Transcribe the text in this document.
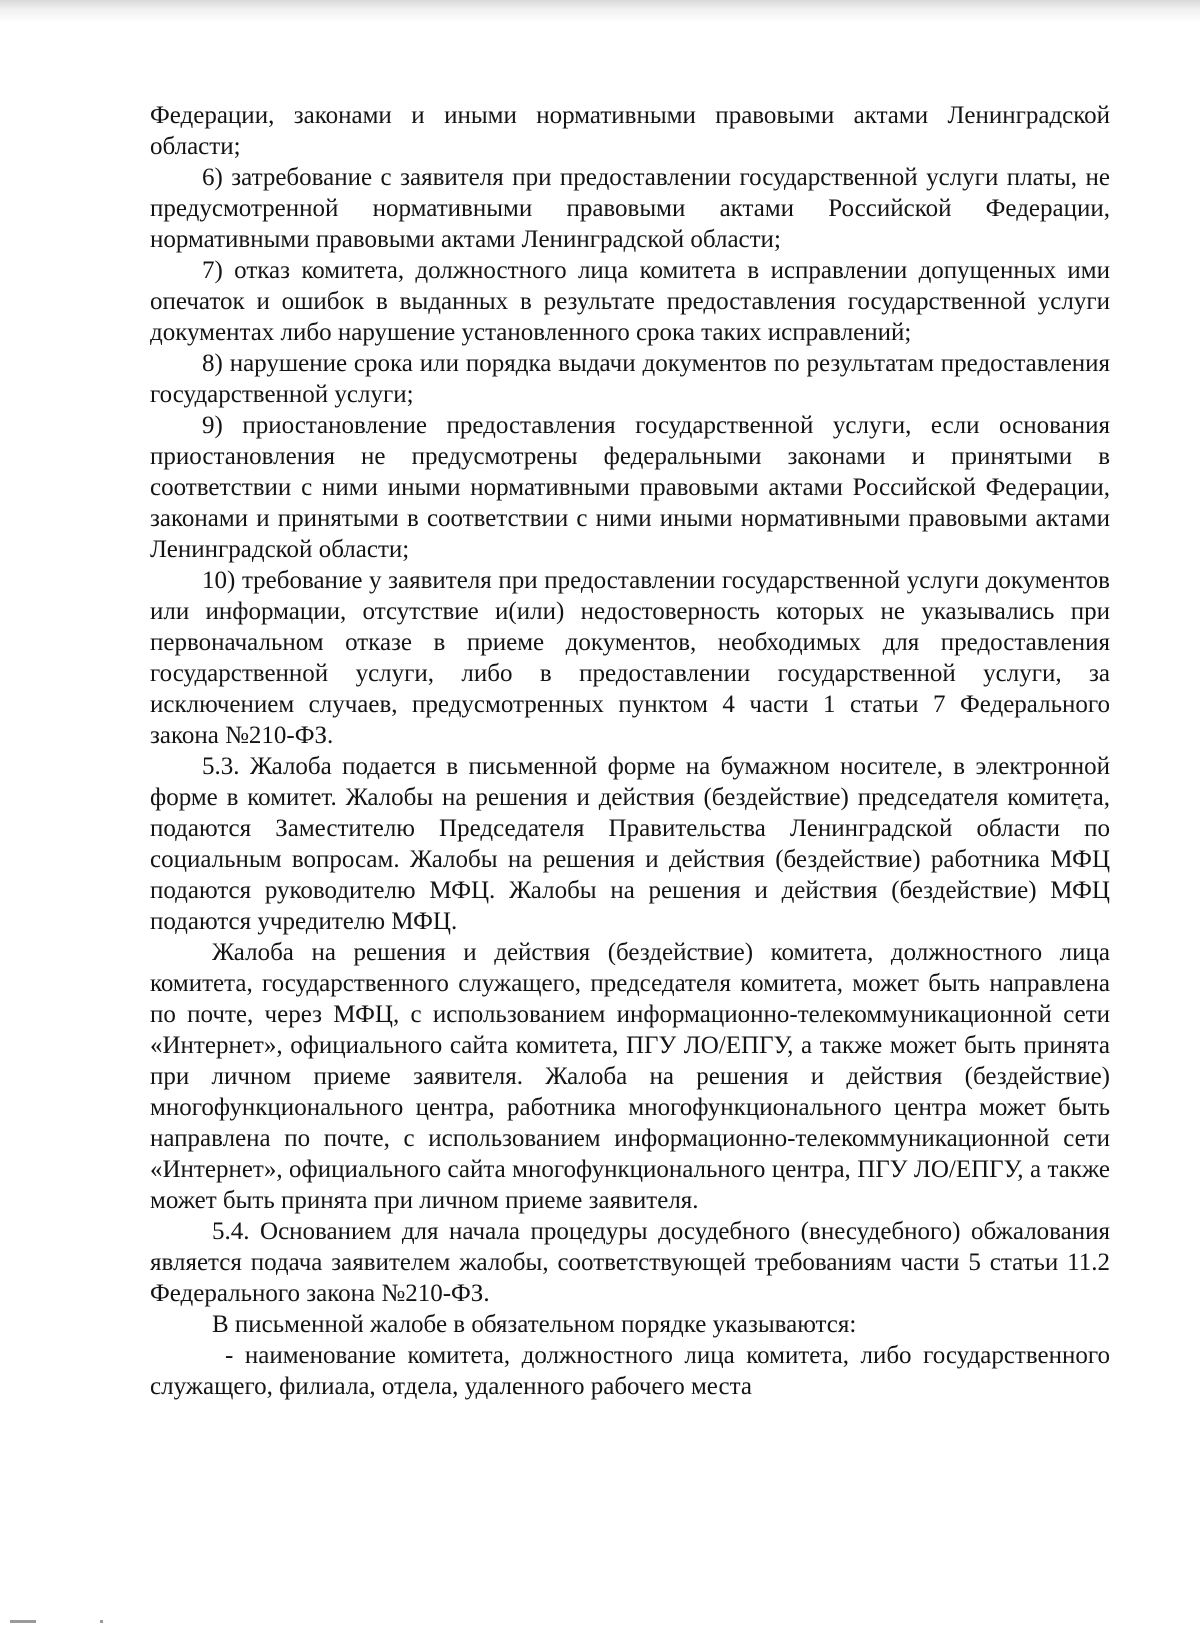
Федерации, законами и иными нормативными правовыми актами Ленинградской области;

6) затребование с заявителя при предоставлении государственной услуги платы, не предусмотренной нормативными правовыми актами Российской Федерации, нормативными правовыми актами Ленинградской области;

7) отказ комитета, должностного лица комитета в исправлении допущенных ими опечаток и ошибок в выданных в результате предоставления государственной услуги документах либо нарушение установленного срока таких исправлений;

8) нарушение срока или порядка выдачи документов по результатам предоставления государственной услуги;

9) приостановление предоставления государственной услуги, если основания приостановления не предусмотрены федеральными законами и принятыми в соответствии с ними иными нормативными правовыми актами Российской Федерации, законами и принятыми в соответствии с ними иными нормативными правовыми актами Ленинградской области;

10) требование у заявителя при предоставлении государственной услуги документов или информации, отсутствие и(или) недостоверность которых не указывались при первоначальном отказе в приеме документов, необходимых для предоставления государственной услуги, либо в предоставлении государственной услуги, за исключением случаев, предусмотренных пунктом 4 части 1 статьи 7 Федерального закона №210-ФЗ.

5.3. Жалоба подается в письменной форме на бумажном носителе, в электронной форме в комитет. Жалобы на решения и действия (бездействие) председателя комитета, подаются Заместителю Председателя Правительства Ленинградской области по социальным вопросам. Жалобы на решения и действия (бездействие) работника МФЦ подаются руководителю МФЦ. Жалобы на решения и действия (бездействие) МФЦ подаются учредителю МФЦ.

Жалоба на решения и действия (бездействие) комитета, должностного лица комитета, государственного служащего, председателя комитета, может быть направлена по почте, через МФЦ, с использованием информационно-телекоммуникационной сети «Интернет», официального сайта комитета, ПГУ ЛО/ЕПГУ, а также может быть принята при личном приеме заявителя. Жалоба на решения и действия (бездействие) многофункционального центра, работника многофункционального центра может быть направлена по почте, с использованием информационно-телекоммуникационной сети «Интернет», официального сайта многофункционального центра, ПГУ ЛО/ЕПГУ, а также может быть принята при личном приеме заявителя.

5.4. Основанием для начала процедуры досудебного (внесудебного) обжалования является подача заявителем жалобы, соответствующей требованиям части 5 статьи 11.2 Федерального закона №210-ФЗ.

В письменной жалобе в обязательном порядке указываются:

- наименование комитета, должностного лица комитета, либо государственного служащего, филиала, отдела, удаленного рабочего места
